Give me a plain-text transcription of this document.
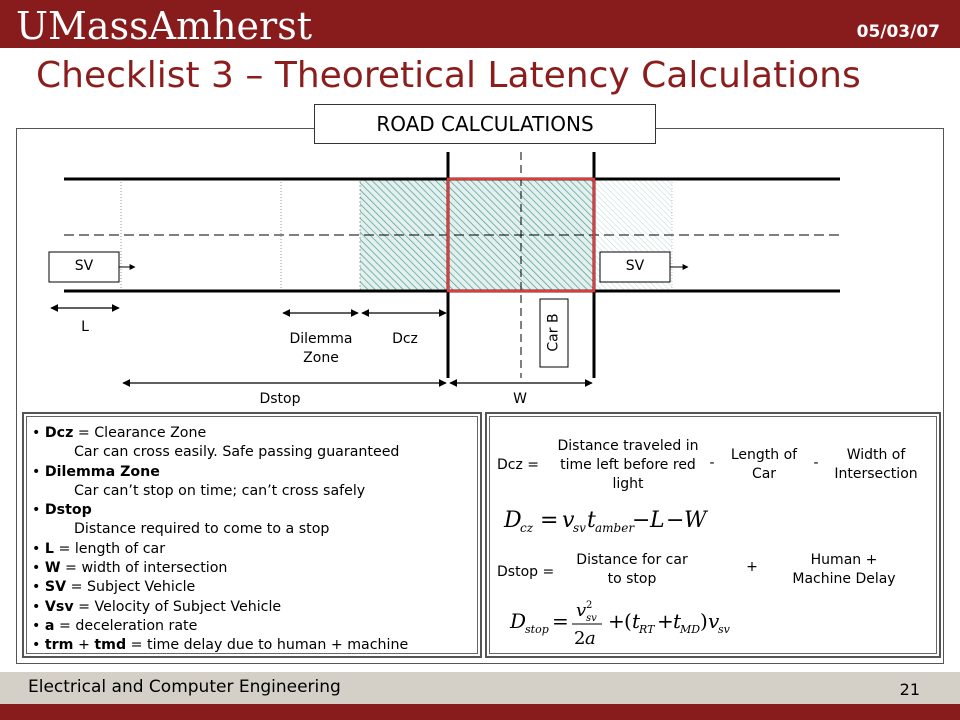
UMassAmherst	05/03/07
Checklist 3 – Theoretical Latency Calculations
ROAD CALCULATIONS
SV	SV
Car B
L
Dilemma
Zone
Dcz
Dstop	W
• Dcz = Clearance Zone
Car can cross easily. Safe passing guaranteed
• Dilemma Zone
Car can’t stop on time; can’t cross safely
• Dstop
Distance required to come to a stop
• L = length of car
• W = width of intersection
• SV = Subject Vehicle
• Vsv = Velocity of Subject Vehicle
• a = deceleration rate
• trm + tmd = time delay due to human + machine
Dcz =
Distance traveled in time left before red light
-	Length of Car
-	Width of Intersection
D
cz = v
sv t amber
− L − W
Dstop =
Distance for car to stop
+	Human + Machine Delay
D
stop = v 2
sv
2 a
+ ( t
RT + t
MD ) v
sv
Electrical and Computer Engineering	21
